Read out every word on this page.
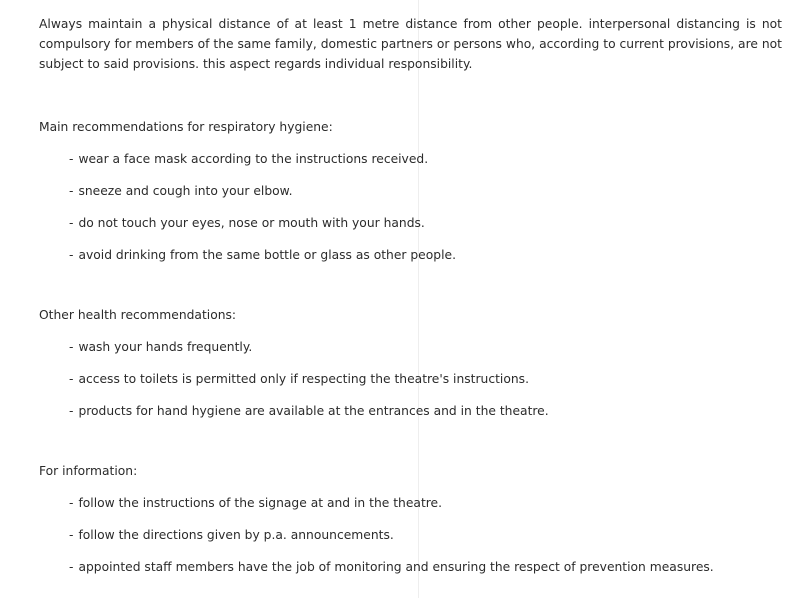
Always maintain a physical distance of at least 1 metre distance from other people. interpersonal distancing is not compulsory for members of the same family, domestic partners or persons who, according to current provisions, are not subject to said provisions. this aspect regards individual responsibility.

Main recommendations for respiratory hygiene:

- wear a face mask according to the instructions received.
- sneeze and cough into your elbow.
- do not touch your eyes, nose or mouth with your hands.
- avoid drinking from the same bottle or glass as other people.

Other health recommendations:

- wash your hands frequently.
- access to toilets is permitted only if respecting the theatre's instructions.
- products for hand hygiene are available at the entrances and in the theatre.

For information:

- follow the instructions of the signage at and in the theatre.
- follow the directions given by p.a. announcements.
- appointed staff members have the job of monitoring and ensuring the respect of prevention measures.
